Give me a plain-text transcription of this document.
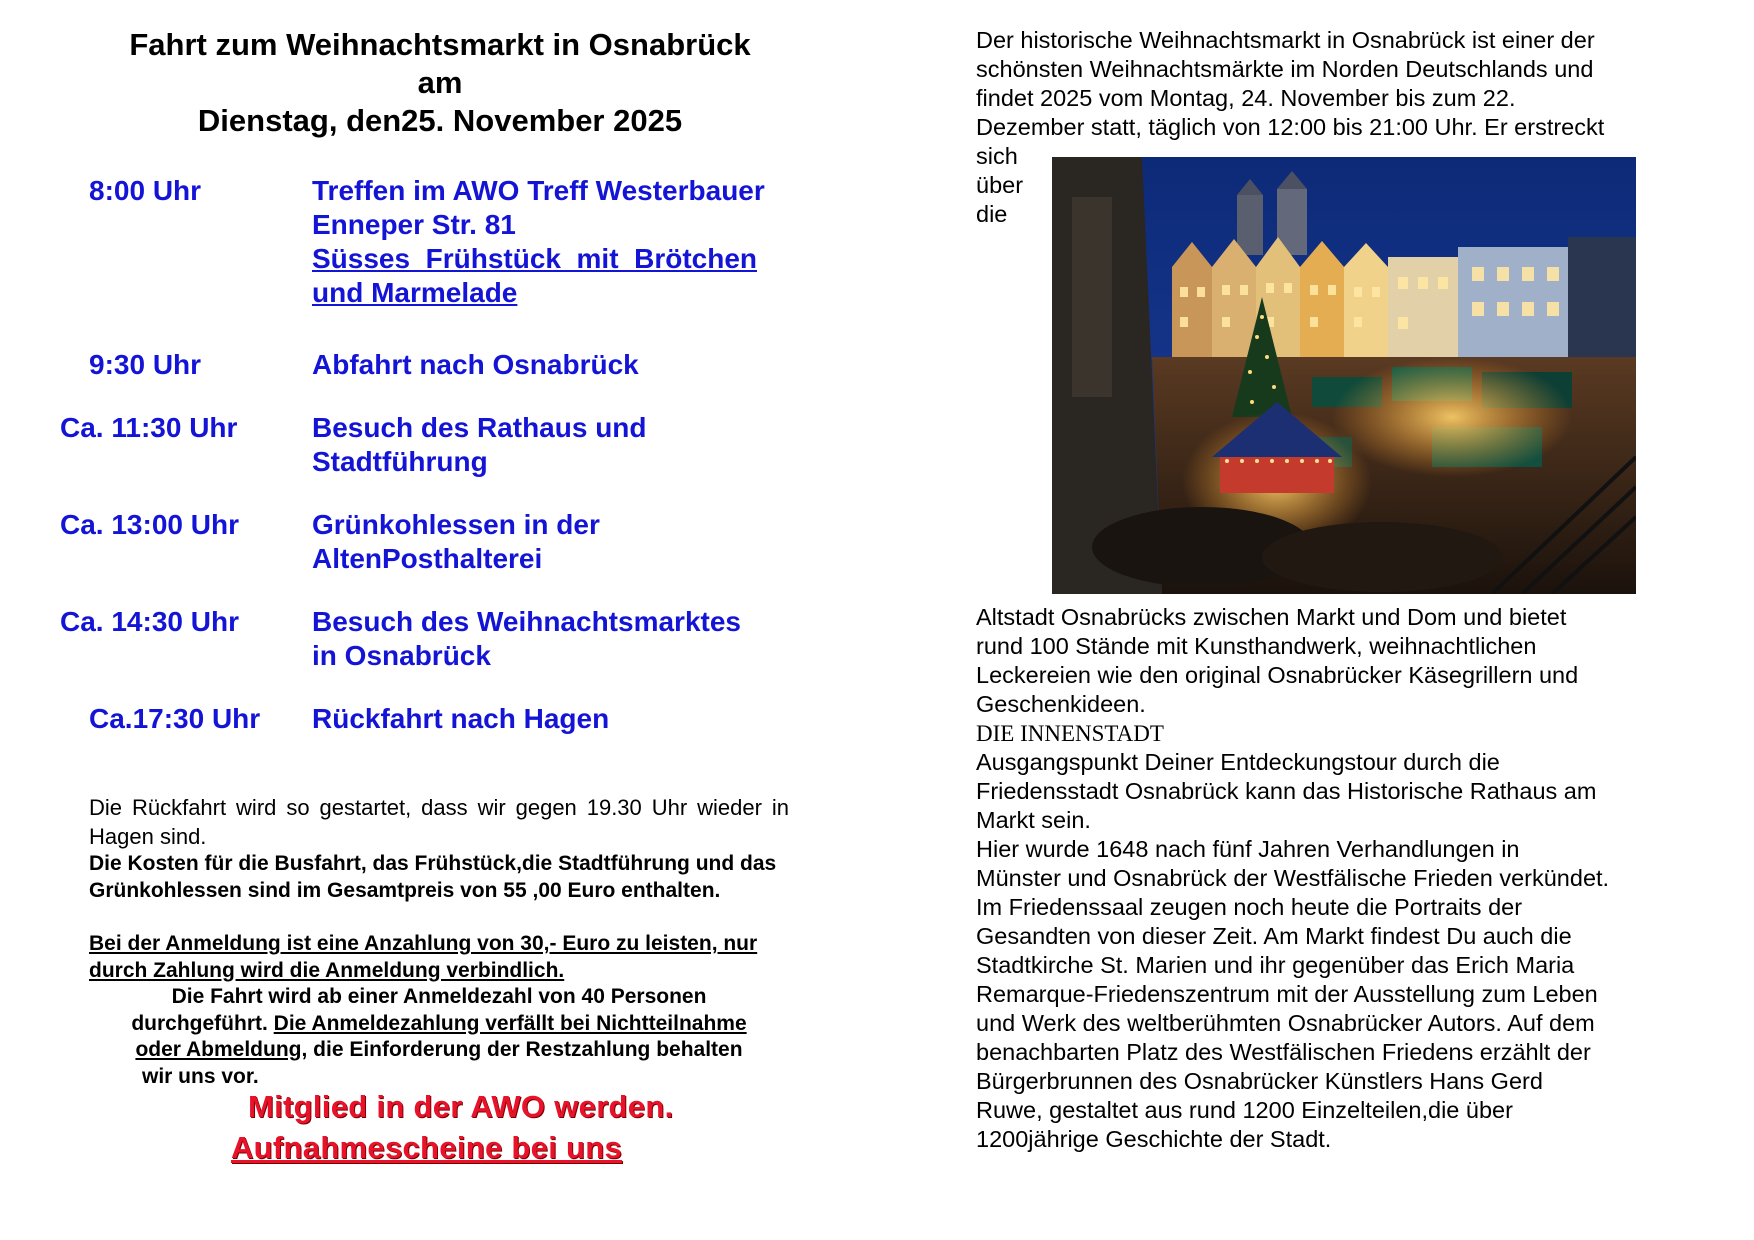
Fahrt zum Weihnachtsmarkt in Osnabrück
am
Dienstag, den25. November 2025
8:00 Uhr	Treffen im AWO Treff Westerbauer
Enneper Str. 81
Süsses  Frühstück  mit  Brötchen
und Marmelade
9:30 Uhr	Abfahrt nach Osnabrück
Ca. 11:30 Uhr	Besuch des Rathaus und
Stadtführung
Ca. 13:00 Uhr	Grünkohlessen in der
AltenPosthalterei
Ca. 14:30 Uhr	Besuch des Weihnachtsmarktes
in Osnabrück
Ca.17:30 Uhr Rückfahrt nach Hagen
Die Rückfahrt wird so gestartet, dass wir gegen 19.30 Uhr wieder in Hagen sind.
Die Kosten für die Busfahrt, das Frühstück,die Stadtführung und das Grünkohlessen sind im Gesamtpreis von 55 ,00 Euro enthalten.
Bei der Anmeldung ist eine Anzahlung von 30,- Euro zu leisten, nur durch Zahlung wird die Anmeldung verbindlich.
Die Fahrt wird ab einer Anmeldezahl von 40 Personen
durchgeführt. Die Anmeldezahlung verfällt bei Nichtteilnahme
oder Abmeldung, die Einforderung der Restzahlung behalten
wir uns vor.
Mitglied in der AWO werden.
Aufnahmescheine bei uns
Der historische Weihnachtsmarkt in Osnabrück ist einer der
schönsten Weihnachtsmärkte im Norden Deutschlands und
findet 2025 vom Montag, 24. November bis zum 22.
Dezember statt, täglich von 12:00 bis 21:00 Uhr. Er erstreckt
sich
über
die
Altstadt Osnabrücks zwischen Markt und Dom und bietet
rund 100 Stände mit Kunsthandwerk, weihnachtlichen
Leckereien wie den original Osnabrücker Käsegrillern und
Geschenkideen.
DIE INNENSTADT
Ausgangspunkt Deiner Entdeckungstour durch die
Friedensstadt Osnabrück kann das Historische Rathaus am
Markt sein.
Hier wurde 1648 nach fünf Jahren Verhandlungen in
Münster und Osnabrück der Westfälische Frieden verkündet.
Im Friedenssaal zeugen noch heute die Portraits der
Gesandten von dieser Zeit. Am Markt findest Du auch die
Stadtkirche St. Marien und ihr gegenüber das Erich Maria
Remarque-Friedenszentrum mit der Ausstellung zum Leben
und Werk des weltberühmten Osnabrücker Autors. Auf dem
benachbarten Platz des Westfälischen Friedens erzählt der
Bürgerbrunnen des Osnabrücker Künstlers Hans Gerd
Ruwe, gestaltet aus rund 1200 Einzelteilen,die über
1200jährige Geschichte der Stadt.
